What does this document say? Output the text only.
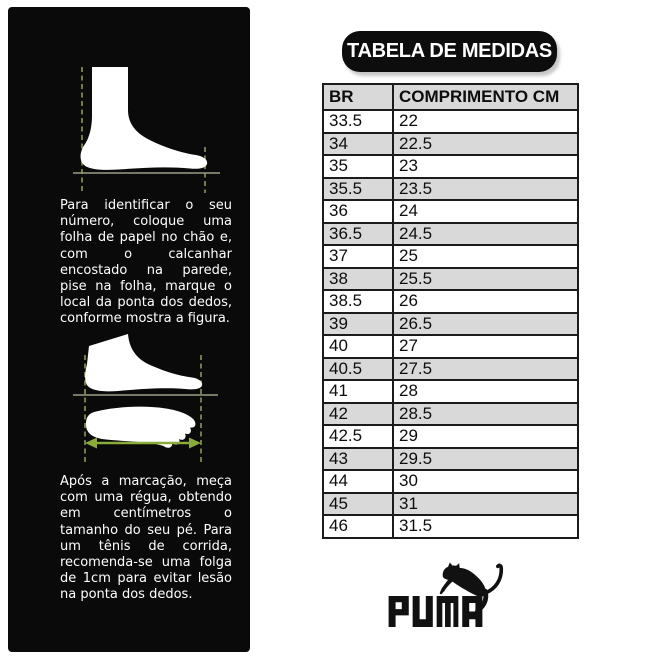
Para identificar o seu número, coloque uma folha de papel no chão e, com o calcanhar encostado na parede, pise na folha, marque o local da ponta dos dedos, conforme mostra a figura.

Após a marcação, meça com uma régua, obtendo em centímetros o tamanho do seu pé. Para um tênis de corrida, recomenda-se uma folga de 1cm para evitar lesão na ponta dos dedos.

TABELA DE MEDIDAS
BR	COMPRIMENTO CM
33.5	22
34	22.5
35	23
35.5	23.5
36	24
36.5	24.5
37	25
38	25.5
38.5	26
39	26.5
40	27
40.5	27.5
41	28
42	28.5
42.5	29
43	29.5
44	30
45	31
46	31.5
